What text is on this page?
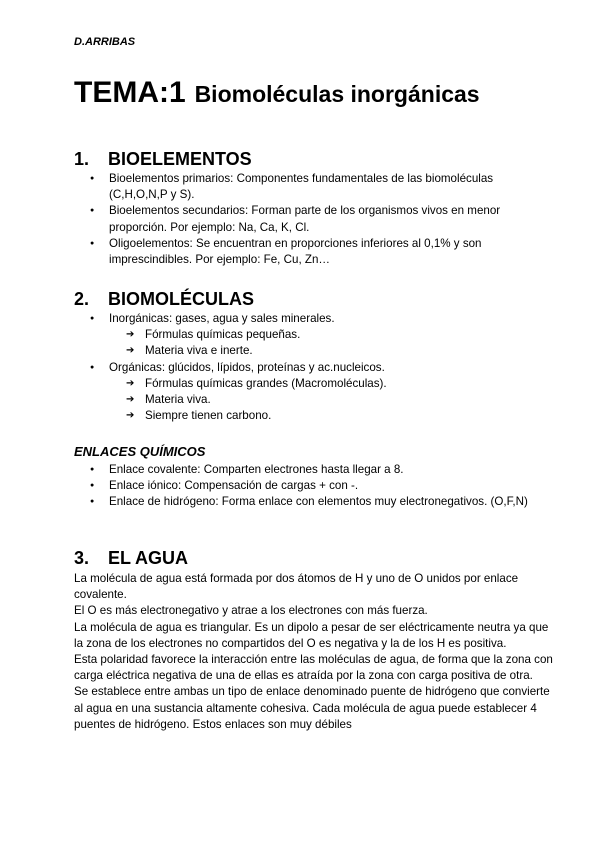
D.ARRIBAS
TEMA:1 Biomoléculas inorgánicas
1. BIOELEMENTOS
● Bioelementos primarios: Componentes fundamentales de las biomoléculas (C,H,O,N,P y S).
● Bioelementos secundarios: Forman parte de los organismos vivos en menor proporción. Por ejemplo: Na, Ca, K, Cl.
● Oligoelementos: Se encuentran en proporciones inferiores al 0,1% y son imprescindibles. Por ejemplo: Fe, Cu, Zn…
2. BIOMOLÉCULAS
● Inorgánicas: gases, agua y sales minerales.
➔ Fórmulas químicas pequeñas.
➔ Materia viva e inerte.
● Orgánicas: glúcidos, lípidos, proteínas y ac.nucleicos.
➔ Fórmulas químicas grandes (Macromoléculas).
➔ Materia viva.
➔ Siempre tienen carbono.
ENLACES QUÍMICOS
● Enlace covalente: Comparten electrones hasta llegar a 8.
● Enlace iónico: Compensación de cargas + con -.
● Enlace de hidrógeno: Forma enlace con elementos muy electronegativos. (O,F,N)
3. EL AGUA
La molécula de agua está formada por dos átomos de H y uno de O unidos por enlace covalente.
El O es más electronegativo y atrae a los electrones con más fuerza.
La molécula de agua es triangular. Es un dipolo a pesar de ser eléctricamente neutra ya que la zona de los electrones no compartidos del O es negativa y la de los H es positiva.
Esta polaridad favorece la interacción entre las moléculas de agua, de forma que la zona con carga eléctrica negativa de una de ellas es atraída por la zona con carga positiva de otra.
Se establece entre ambas un tipo de enlace denominado puente de hidrógeno que convierte al agua en una sustancia altamente cohesiva. Cada molécula de agua puede establecer 4 puentes de hidrógeno. Estos enlaces son muy débiles
